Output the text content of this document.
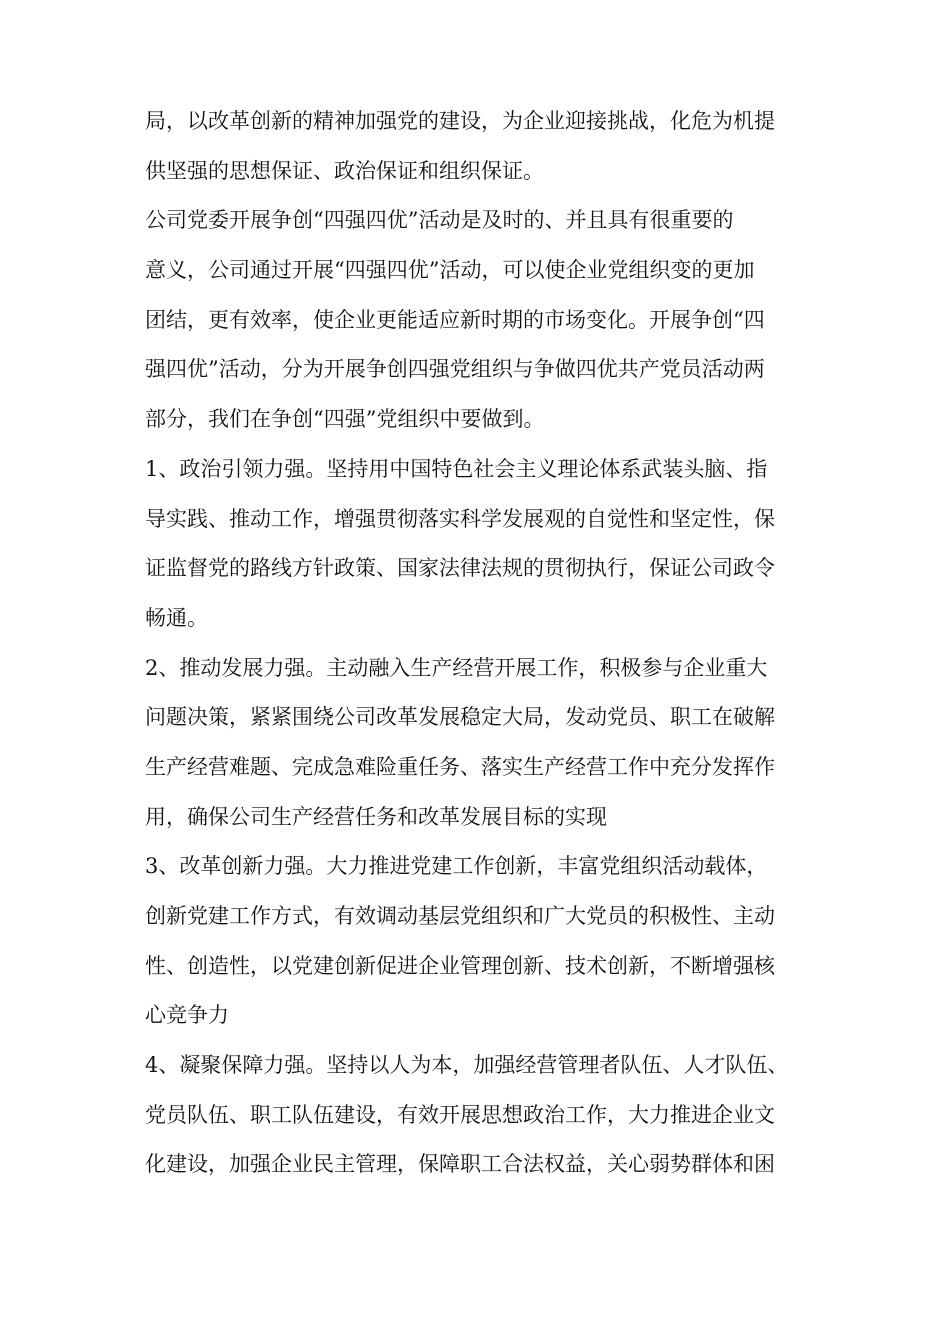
局，以改革创新的精神加强党的建设，为企业迎接挑战，化危为机提
供坚强的思想保证、政治保证和组织保证。
公司党委开展争创“四强四优”活动是及时的、并且具有很重要的
意义，公司通过开展“四强四优”活动，可以使企业党组织变的更加
团结，更有效率，使企业更能适应新时期的市场变化。开展争创“四
强四优”活动，分为开展争创四强党组织与争做四优共产党员活动两
部分，我们在争创“四强”党组织中要做到。
1、政治引领力强。坚持用中国特色社会主义理论体系武装头脑、指
导实践、推动工作，增强贯彻落实科学发展观的自觉性和坚定性，保
证监督党的路线方针政策、国家法律法规的贯彻执行，保证公司政令
畅通。
2、推动发展力强。主动融入生产经营开展工作，积极参与企业重大
问题决策，紧紧围绕公司改革发展稳定大局，发动党员、职工在破解
生产经营难题、完成急难险重任务、落实生产经营工作中充分发挥作
用，确保公司生产经营任务和改革发展目标的实现
3、改革创新力强。大力推进党建工作创新，丰富党组织活动载体，
创新党建工作方式，有效调动基层党组织和广大党员的积极性、主动
性、创造性，以党建创新促进企业管理创新、技术创新，不断增强核
心竞争力
4、凝聚保障力强。坚持以人为本，加强经营管理者队伍、人才队伍、
党员队伍、职工队伍建设，有效开展思想政治工作，大力推进企业文
化建设，加强企业民主管理，保障职工合法权益，关心弱势群体和困
